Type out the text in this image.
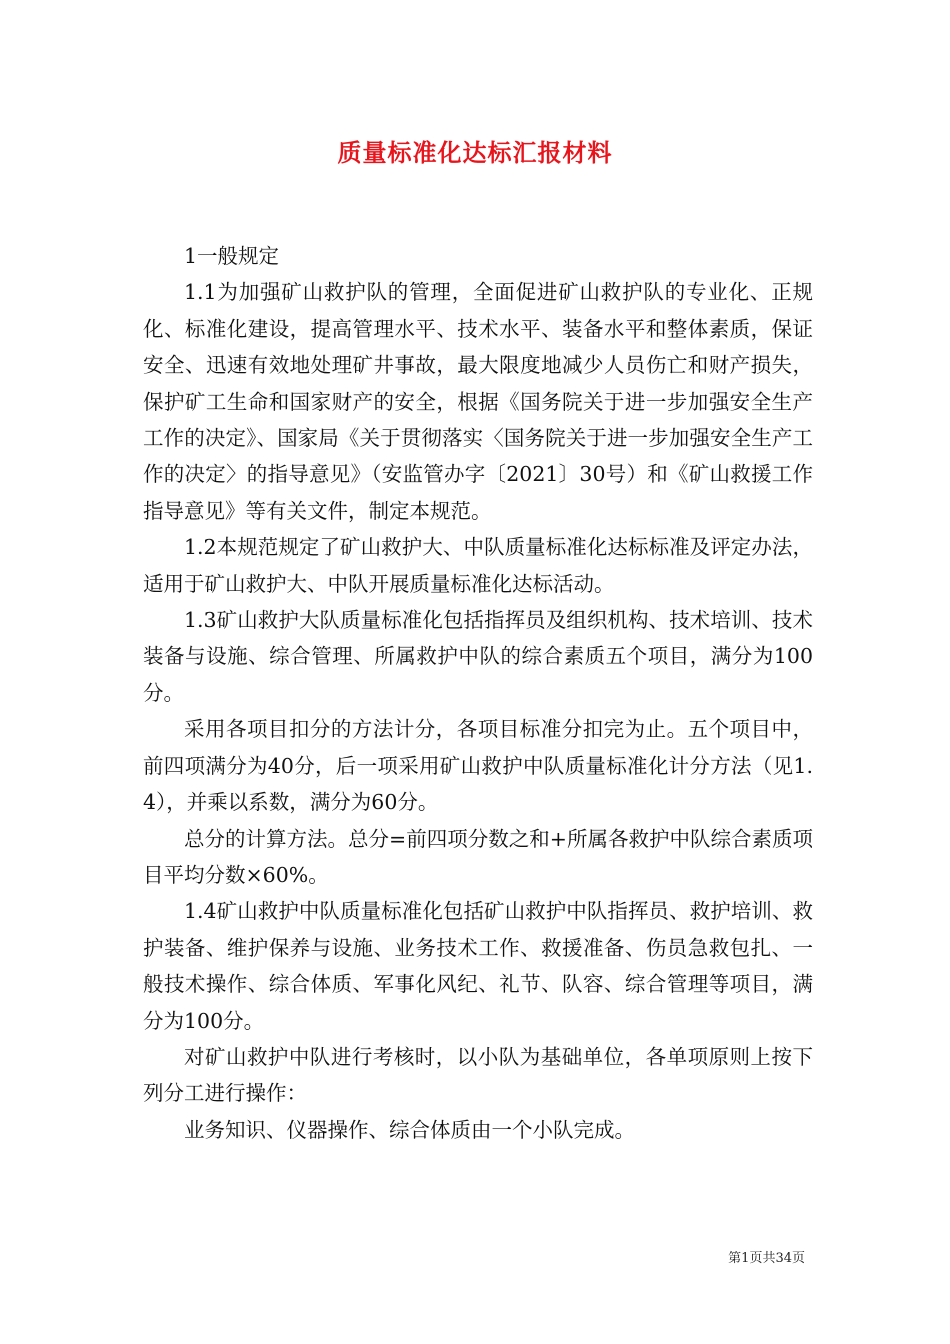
质量标准化达标汇报材料

1一般规定

1.1为加强矿山救护队的管理，全面促进矿山救护队的专业化、正规化、标准化建设，提高管理水平、技术水平、装备水平和整体素质，保证安全、迅速有效地处理矿井事故，最大限度地减少人员伤亡和财产损失，保护矿工生命和国家财产的安全，根据《国务院关于进一步加强安全生产工作的决定》、国家局《关于贯彻落实〈国务院关于进一步加强安全生产工作的决定〉的指导意见》（安监管办字〔2021〕30号）和《矿山救援工作指导意见》等有关文件，制定本规范。

1.2本规范规定了矿山救护大、中队质量标准化达标标准及评定办法，适用于矿山救护大、中队开展质量标准化达标活动。

1.3矿山救护大队质量标准化包括指挥员及组织机构、技术培训、技术装备与设施、综合管理、所属救护中队的综合素质五个项目，满分为100分。

采用各项目扣分的方法计分，各项目标准分扣完为止。五个项目中，前四项满分为40分，后一项采用矿山救护中队质量标准化计分方法（见1.4），并乘以系数，满分为60分。

总分的计算方法。总分=前四项分数之和+所属各救护中队综合素质项目平均分数×60%。

1.4矿山救护中队质量标准化包括矿山救护中队指挥员、救护培训、救护装备、维护保养与设施、业务技术工作、救援准备、伤员急救包扎、一般技术操作、综合体质、军事化风纪、礼节、队容、综合管理等项目，满分为100分。

对矿山救护中队进行考核时，以小队为基础单位，各单项原则上按下列分工进行操作：

业务知识、仪器操作、综合体质由一个小队完成。

第1页共34页
